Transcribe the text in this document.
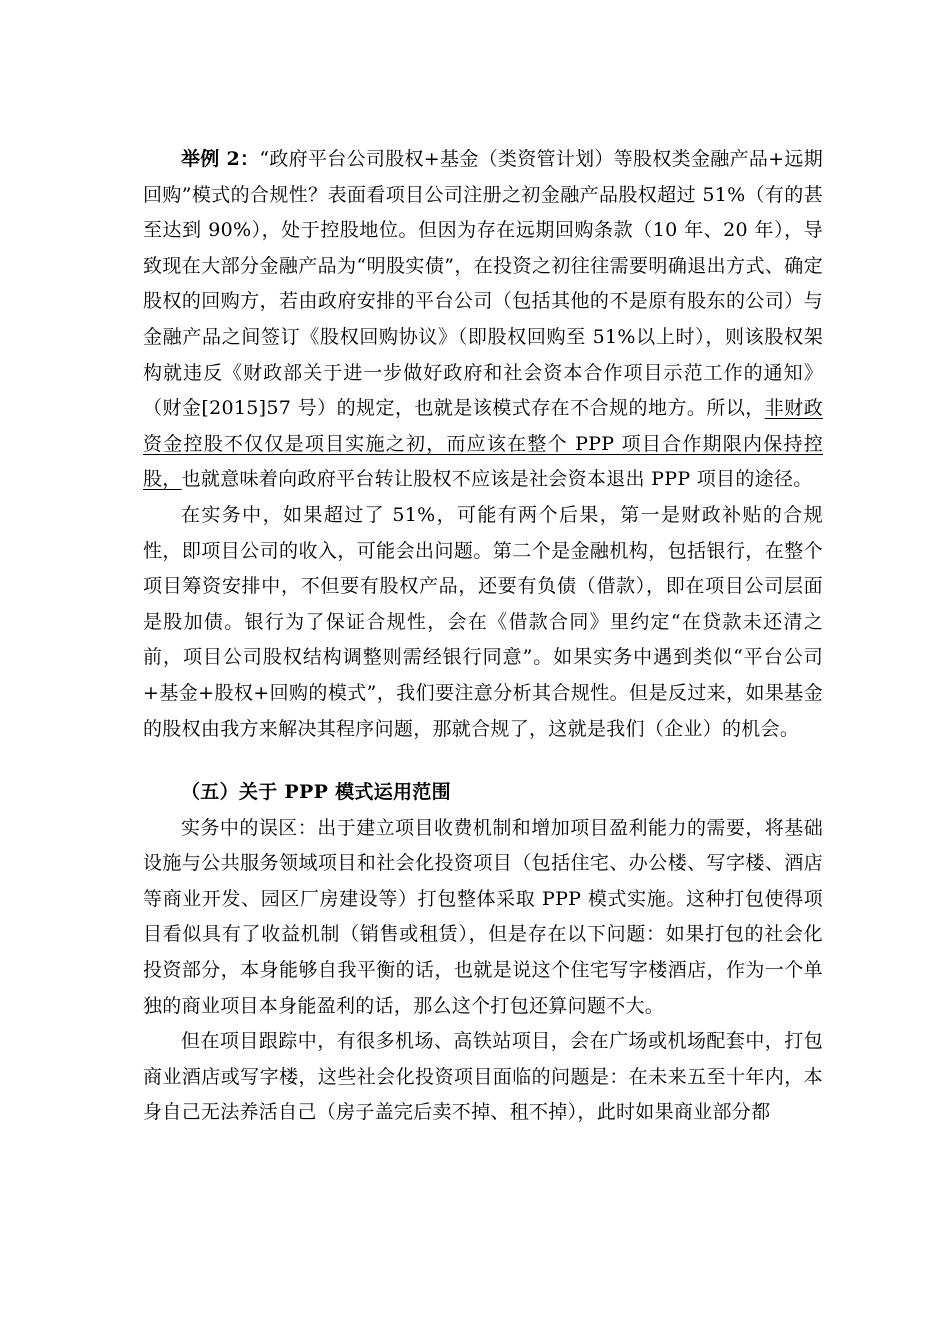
举例 2：“政府平台公司股权+基金（类资管计划）等股权类金融产品+远期回购”模式的合规性？表面看项目公司注册之初金融产品股权超过 51%（有的甚至达到 90%），处于控股地位。但因为存在远期回购条款（10 年、20 年），导致现在大部分金融产品为“明股实债”，在投资之初往往需要明确退出方式、确定股权的回购方，若由政府安排的平台公司（包括其他的不是原有股东的公司）与金融产品之间签订《股权回购协议》（即股权回购至 51%以上时），则该股权架构就违反《财政部关于进一步做好政府和社会资本合作项目示范工作的通知》（财金[2015]57 号）的规定，也就是该模式存在不合规的地方。所以，非财政资金控股不仅仅是项目实施之初，而应该在整个 PPP 项目合作期限内保持控股，也就意味着向政府平台转让股权不应该是社会资本退出 PPP 项目的途径。

在实务中，如果超过了 51%，可能有两个后果，第一是财政补贴的合规性，即项目公司的收入，可能会出问题。第二个是金融机构，包括银行，在整个项目筹资安排中，不但要有股权产品，还要有负债（借款），即在项目公司层面是股加债。银行为了保证合规性，会在《借款合同》里约定“在贷款未还清之前，项目公司股权结构调整则需经银行同意”。如果实务中遇到类似“平台公司+基金+股权+回购的模式”，我们要注意分析其合规性。但是反过来，如果基金的股权由我方来解决其程序问题，那就合规了，这就是我们（企业）的机会。

（五）关于 PPP 模式运用范围

实务中的误区：出于建立项目收费机制和增加项目盈利能力的需要，将基础设施与公共服务领域项目和社会化投资项目（包括住宅、办公楼、写字楼、酒店等商业开发、园区厂房建设等）打包整体采取 PPP 模式实施。这种打包使得项目看似具有了收益机制（销售或租赁），但是存在以下问题：如果打包的社会化投资部分，本身能够自我平衡的话，也就是说这个住宅写字楼酒店，作为一个单独的商业项目本身能盈利的话，那么这个打包还算问题不大。

但在项目跟踪中，有很多机场、高铁站项目，会在广场或机场配套中，打包商业酒店或写字楼，这些社会化投资项目面临的问题是：在未来五至十年内，本身自己无法养活自己（房子盖完后卖不掉、租不掉），此时如果商业部分都
